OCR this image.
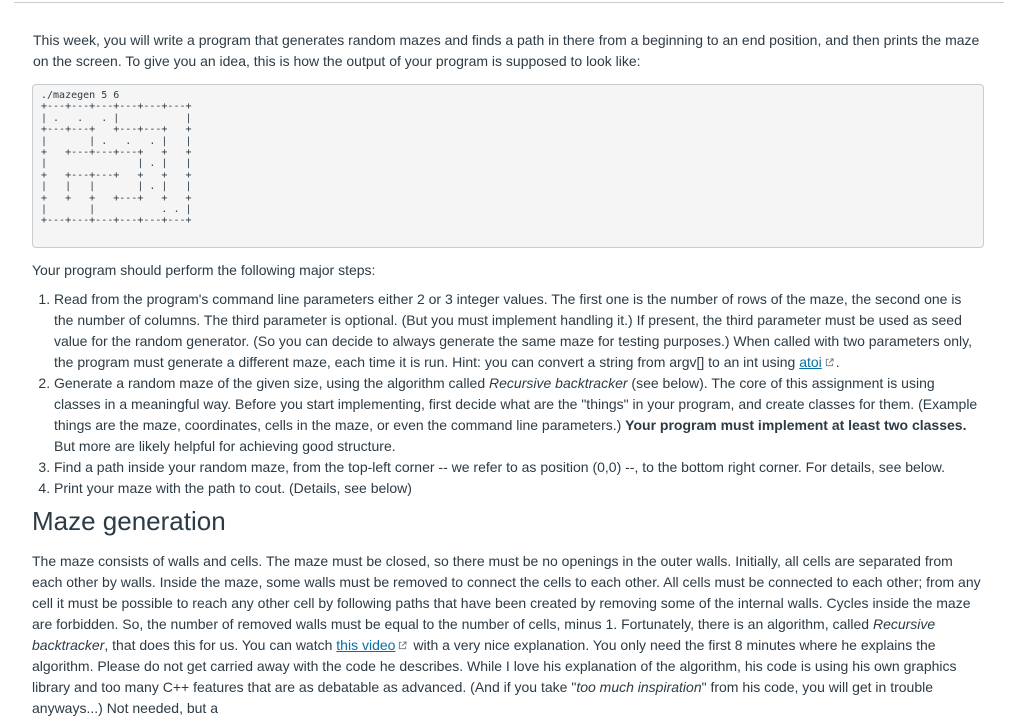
This week, you will write a program that generates random mazes and finds a path in there from a beginning to an end position, and then prints the maze on the screen. To give you an idea, this is how the output of your program is supposed to look like:

./mazegen 5 6
+---+---+---+---+---+---+
| .   .   . |           |
+---+---+   +---+---+   +
|       | .   .   . |   |
+   +---+---+---+   +   +
|               | . |   |
+   +---+---+   +   +   +
|   |   |       | . |   |
+   +   +   +---+   +   +
|       |           . . |
+---+---+---+---+---+---+

Your program should perform the following major steps:

1. Read from the program's command line parameters either 2 or 3 integer values. The first one is the number of rows of the maze, the second one is the number of columns. The third parameter is optional. (But you must implement handling it.) If present, the third parameter must be used as seed value for the random generator. (So you can decide to always generate the same maze for testing purposes.) When called with two parameters only, the program must generate a different maze, each time it is run. Hint: you can convert a string from argv[] to an int using atoi .
2. Generate a random maze of the given size, using the algorithm called Recursive backtracker (see below). The core of this assignment is using classes in a meaningful way. Before you start implementing, first decide what are the "things" in your program, and create classes for them. (Example things are the maze, coordinates, cells in the maze, or even the command line parameters.) Your program must implement at least two classes. But more are likely helpful for achieving good structure.
3. Find a path inside your random maze, from the top-left corner -- we refer to as position (0,0) --, to the bottom right corner. For details, see below.
4. Print your maze with the path to cout. (Details, see below)
Maze generation

The maze consists of walls and cells. The maze must be closed, so there must be no openings in the outer walls. Initially, all cells are separated from each other by walls. Inside the maze, some walls must be removed to connect the cells to each other. All cells must be connected to each other; from any cell it must be possible to reach any other cell by following paths that have been created by removing some of the internal walls. Cycles inside the maze are forbidden. So, the number of removed walls must be equal to the number of cells, minus 1. Fortunately, there is an algorithm, called Recursive backtracker, that does this for us. You can watch this video with a very nice explanation. You only need the first 8 minutes where he explains the algorithm. Please do not get carried away with the code he describes. While I love his explanation of the algorithm, his code is using his own graphics library and too many C++ features that are as debatable as advanced. (And if you take "too much inspiration" from his code, you will get in trouble anyways...) Not needed, but a
